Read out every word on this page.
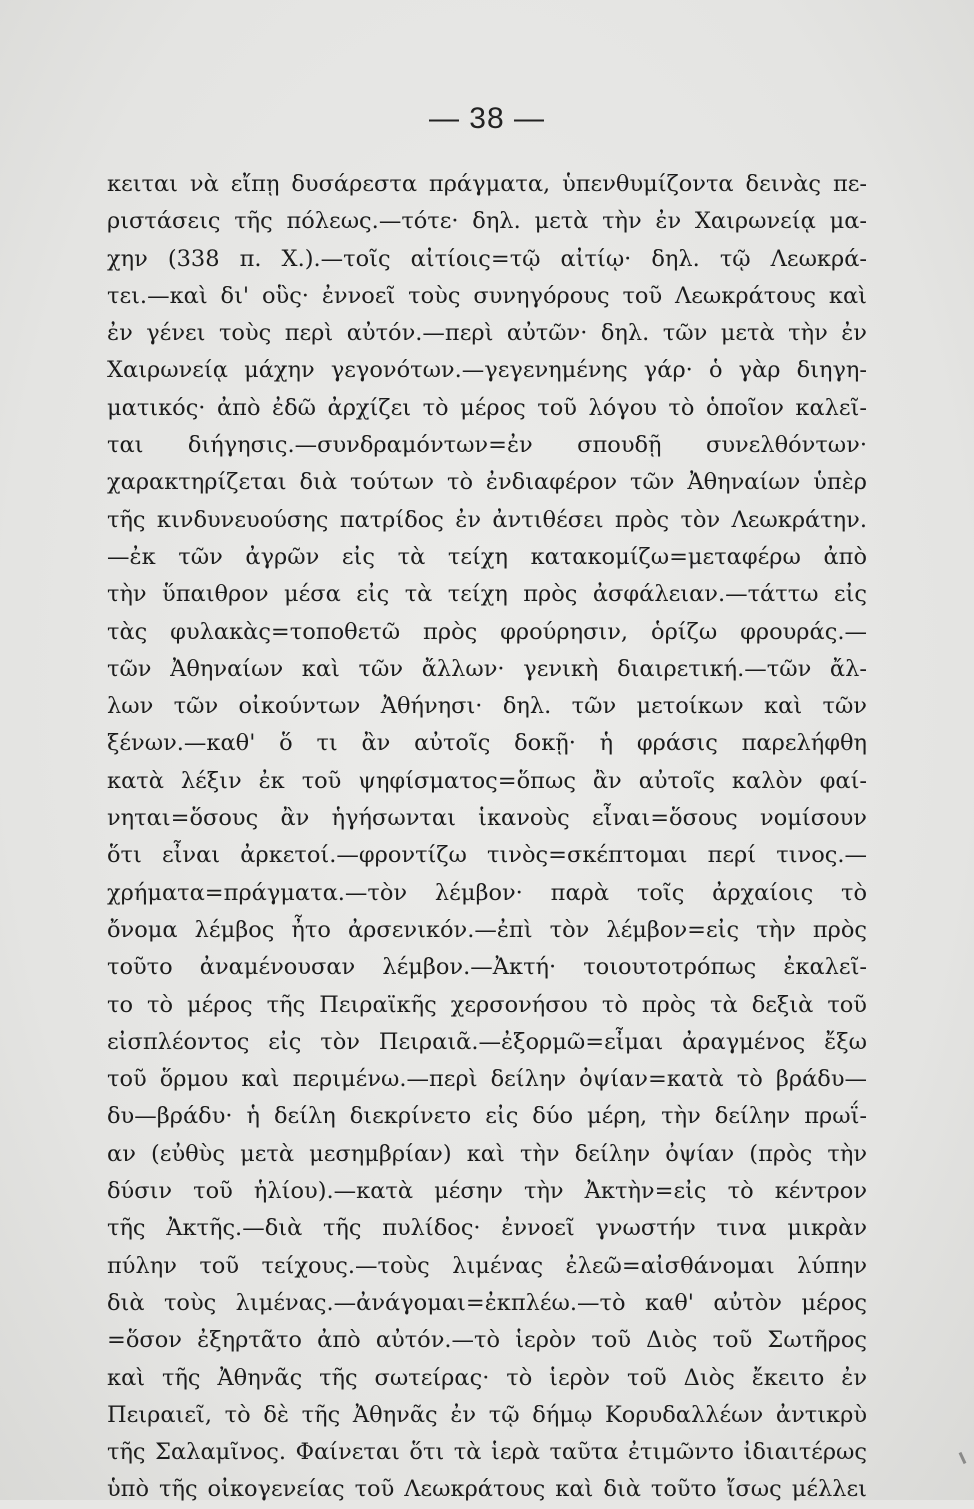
— 38 —
κειται νὰ εἴπῃ δυσάρεστα πράγματα, ὑπενθυμίζοντα δεινὰς πε-
ριστάσεις τῆς πόλεως.—τότε· δηλ. μετὰ τὴν ἐν Χαιρωνείᾳ μα-
χην (338 π. Χ.).—τοῖς αἰτίοις=τῷ αἰτίῳ· δηλ. τῷ Λεωκρά-
τει.—καὶ δι' οὓς· ἐννοεῖ τοὺς συνηγόρους τοῦ Λεωκράτους καὶ
ἐν γένει τοὺς περὶ αὐτόν.—περὶ αὐτῶν· δηλ. τῶν μετὰ τὴν ἐν
Χαιρωνείᾳ μάχην γεγονότων.—γεγενημένης γάρ· ὁ γὰρ διηγη-
ματικός· ἀπὸ ἐδῶ ἀρχίζει τὸ μέρος τοῦ λόγου τὸ ὁποῖον καλεῖ-
ται διήγησις.—συνδραμόντων=ἐν σπουδῇ συνελθόντων·
χαρακτηρίζεται διὰ τούτων τὸ ἐνδιαφέρον τῶν Ἀθηναίων ὑπὲρ
τῆς κινδυνευούσης πατρίδος ἐν ἀντιθέσει πρὸς τὸν Λεωκράτην.
—ἐκ τῶν ἀγρῶν εἰς τὰ τείχη κατακομίζω=μεταφέρω ἀπὸ
τὴν ὕπαιθρον μέσα εἰς τὰ τείχη πρὸς ἀσφάλειαν.—τάττω εἰς
τὰς φυλακὰς=τοποθετῶ πρὸς φρούρησιν, ὁρίζω φρουράς.—
τῶν Ἀθηναίων καὶ τῶν ἄλλων· γενικὴ διαιρετική.—τῶν ἄλ-
λων τῶν οἰκούντων Ἀθήνησι· δηλ. τῶν μετοίκων καὶ τῶν
ξένων.—καθ' ὅ τι ἂν αὐτοῖς δοκῇ· ἡ φράσις παρελήφθη
κατὰ λέξιν ἐκ τοῦ ψηφίσματος=ὅπως ἂν αὐτοῖς καλὸν φαί-
νηται=ὅσους ἂν ἡγήσωνται ἱκανοὺς εἶναι=ὅσους νομίσουν
ὅτι εἶναι ἀρκετοί.—φροντίζω τινὸς=σκέπτομαι περί τινος.—
χρήματα=πράγματα.—τὸν λέμβον· παρὰ τοῖς ἀρχαίοις τὸ
ὄνομα λέμβος ἦτο ἀρσενικόν.—ἐπὶ τὸν λέμβον=εἰς τὴν πρὸς
τοῦτο ἀναμένουσαν λέμβον.—Ἀκτή· τοιουτοτρόπως ἐκαλεῖ-
το τὸ μέρος τῆς Πειραϊκῆς χερσονήσου τὸ πρὸς τὰ δεξιὰ τοῦ
εἰσπλέοντος εἰς τὸν Πειραιᾶ.—ἐξορμῶ=εἶμαι ἀραγμένος ἔξω
τοῦ ὅρμου καὶ περιμένω.—περὶ δείλην ὀψίαν=κατὰ τὸ βράδυ—
δυ—βράδυ· ἡ δείλη διεκρίνετο εἰς δύο μέρη, τὴν δείλην πρωΐ-
αν (εὐθὺς μετὰ μεσημβρίαν) καὶ τὴν δείλην ὀψίαν (πρὸς τὴν
δύσιν τοῦ ἡλίου).—κατὰ μέσην τὴν Ἀκτὴν=εἰς τὸ κέντρον
τῆς Ἀκτῆς.—διὰ τῆς πυλίδος· ἐννοεῖ γνωστήν τινα μικρὰν
πύλην τοῦ τείχους.—τοὺς λιμένας ἐλεῶ=αἰσθάνομαι λύπην
διὰ τοὺς λιμένας.—ἀνάγομαι=ἐκπλέω.—τὸ καθ' αὐτὸν μέρος
=ὅσον ἐξηρτᾶτο ἀπὸ αὐτόν.—τὸ ἱερὸν τοῦ Διὸς τοῦ Σωτῆρος
καὶ τῆς Ἀθηνᾶς τῆς σωτείρας· τὸ ἱερὸν τοῦ Διὸς ἔκειτο ἐν
Πειραιεῖ, τὸ δὲ τῆς Ἀθηνᾶς ἐν τῷ δήμῳ Κορυδαλλέων ἀντικρὺ
τῆς Σαλαμῖνος. Φαίνεται ὅτι τὰ ἱερὰ ταῦτα ἐτιμῶντο ἰδιαιτέρως
ὑπὸ τῆς οἰκογενείας τοῦ Λεωκράτους καὶ διὰ τοῦτο ἴσως μέλλει
